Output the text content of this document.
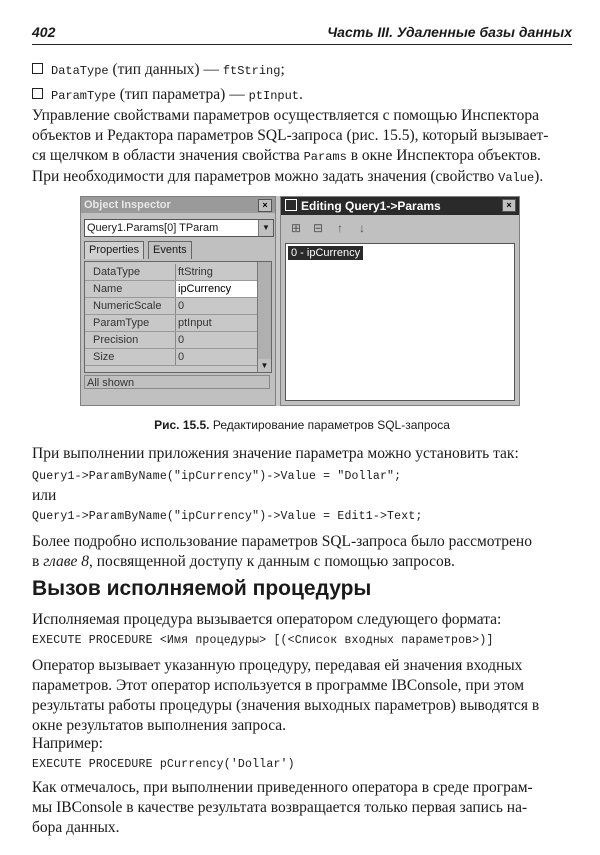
402	Часть III. Удаленные базы данных
DataType (тип данных) — ftString;
ParamType (тип параметра) — ptInput.
Управление свойствами параметров осуществляется с помощью Инспектора
объектов и Редактора параметров SQL-запроса (рис. 15.5), который вызывает-
ся щелчком в области значения свойства Params в окне Инспектора объектов.
При необходимости для параметров можно задать значения (свойство Value).
Object Inspector	×
Query1.Params[0] TParam	▼
Properties	Events
DataType	ftString
Name	ipCurrency
NumericScale	0
ParamType	ptInput
Precision	0
Size	0
▼
All shown
Editing Query1->Params	×
⊞ ⊟ ↑ ↓
0 - ipCurrency
Рис. 15.5. Редактирование параметров SQL-запроса
При выполнении приложения значение параметра можно установить так:
Query1->ParamByName("ipCurrency")->Value = "Dollar";
или
Query1->ParamByName("ipCurrency")->Value = Edit1->Text;
Более подробно использование параметров SQL-запроса было рассмотрено
в главе 8, посвященной доступу к данным с помощью запросов.
Вызов исполняемой процедуры
Исполняемая процедура вызывается оператором следующего формата:
EXECUTE PROCEDURE <Имя процедуры> [(<Список входных параметров>)]
Оператор вызывает указанную процедуру, передавая ей значения входных
параметров. Этот оператор используется в программе IBConsole, при этом
результаты работы процедуры (значения выходных параметров) выводятся в
окне результатов выполнения запроса.
Например:
EXECUTE PROCEDURE pCurrency('Dollar')
Как отмечалось, при выполнении приведенного оператора в среде програм-
мы IBConsole в качестве результата возвращается только первая запись на-
бора данных.
